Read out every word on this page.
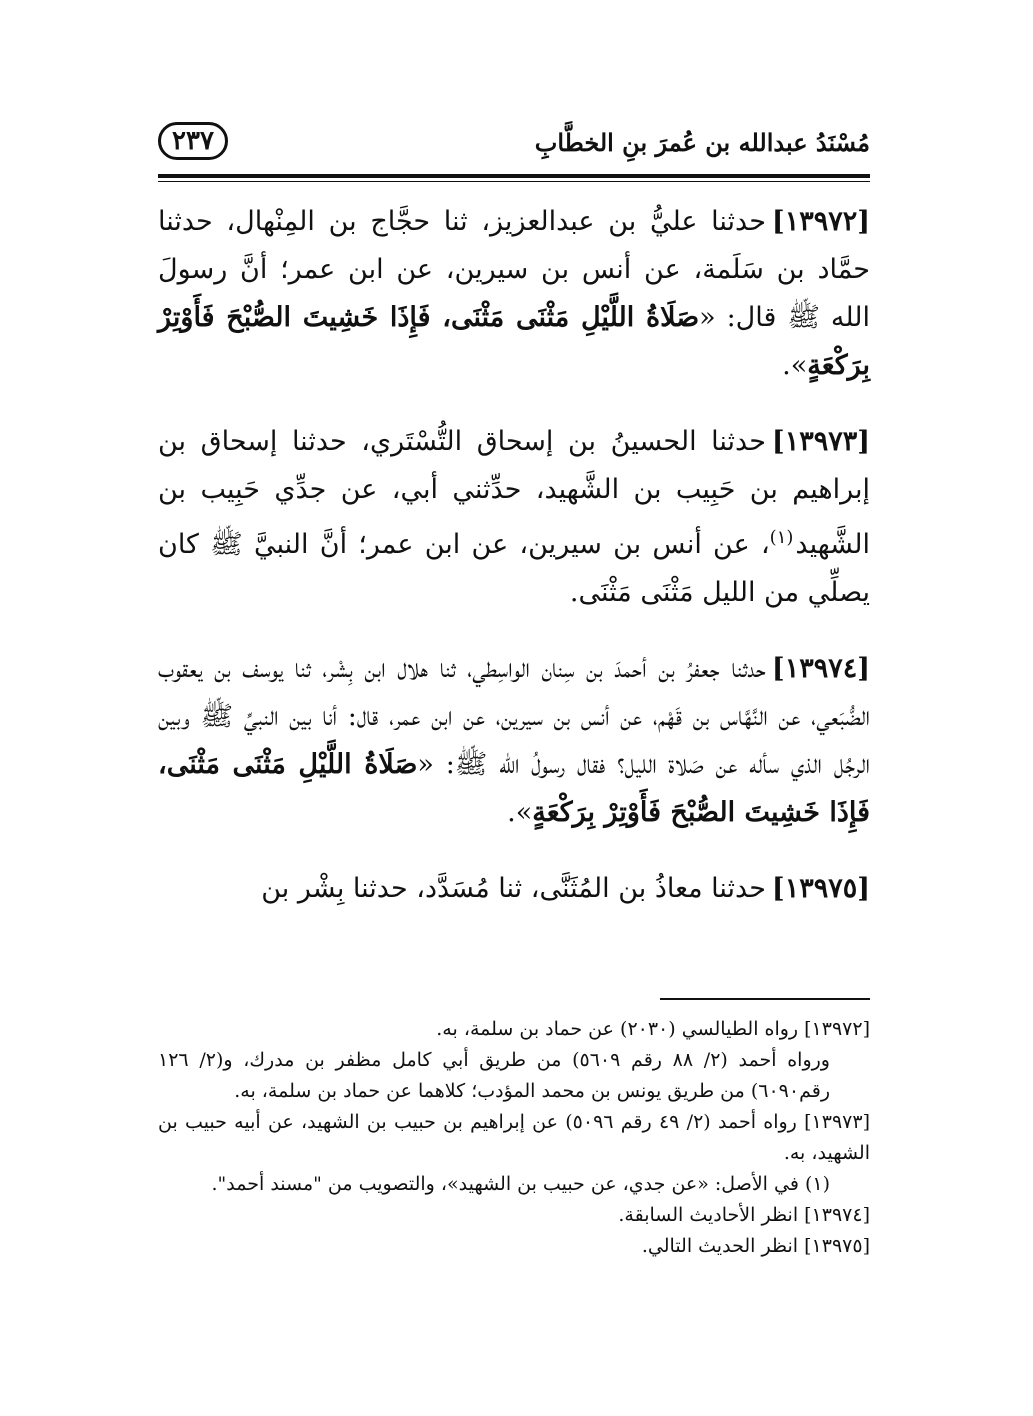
مُسْنَدُ عبدالله بن عُمرَ بنِ الخطَّابِ
٢٣٧

[١٣٩٧٢]حدثنا عليُّ بن عبدالعزيز، ثنا حجَّاج بن المِنْهال، حدثنا حمَّاد بن سَلَمة، عن أنس بن سيرين، عن ابن عمر؛ أنَّ رسولَ الله ﷺ قال: «صَلَاةُ اللَّيْلِ مَثْنَى مَثْنَى، فَإِذَا خَشِيتَ الصُّبْحَ فَأَوْتِرْ بِرَكْعَةٍ».

[١٣٩٧٣]حدثنا الحسينُ بن إسحاق التُّسْتَري، حدثنا إسحاق بن إبراهيم بن حَبِيب بن الشَّهيد، حدِّثني أبي، عن جدِّي حَبِيب بن الشَّهيد$^{(١)}$، عن أنس بن سيرين، عن ابن عمر؛ أنَّ النبيَّ ﷺ كان يصلِّي من الليل مَثْنَى مَثْنَى.

[١٣٩٧٤]حدثنا جعفرُ بن أحمدَ بن سِنان الواسِطي، ثنا هلال ابن بِشْر، ثنا يوسف بن يعقوب الضُّبَعي، عن النَّهَّاس بن قَهْم، عن أنس بن سيرين، عن ابن عمر، قال: أنا بين النبيِّ ﷺ وبين الرجُل الذي سأله عن صَلاة الليل؟ فقال رسولُ الله ﷺ: «صَلَاةُ اللَّيْلِ مَثْنَى مَثْنَى، فَإِذَا خَشِيتَ الصُّبْحَ فَأَوْتِرْ بِرَكْعَةٍ».

[١٣٩٧٥]حدثنا معاذُ بن المُثَنَّى، ثنا مُسَدَّد، حدثنا بِشْر بن

[١٣٩٧٢] رواه الطيالسي (٢٠٣٠) عن حماد بن سلمة، به.

ورواه أحمد (٢/ ٨٨ رقم ٥٦٠٩) من طريق أبي كامل مظفر بن مدرك، و(٢/ ١٢٦ رقم٦٠٩٠) من طريق يونس بن محمد المؤدب؛ كلاهما عن حماد بن سلمة، به.

[١٣٩٧٣] رواه أحمد (٢/ ٤٩ رقم ٥٠٩٦) عن إبراهيم بن حبيب بن الشهيد، عن أبيه حبيب بن الشهيد، به.

(١) في الأصل: «عن جدي، عن حبيب بن الشهيد»، والتصويب من "مسند أحمد".

[١٣٩٧٤] انظر الأحاديث السابقة.

[١٣٩٧٥] انظر الحديث التالي.
